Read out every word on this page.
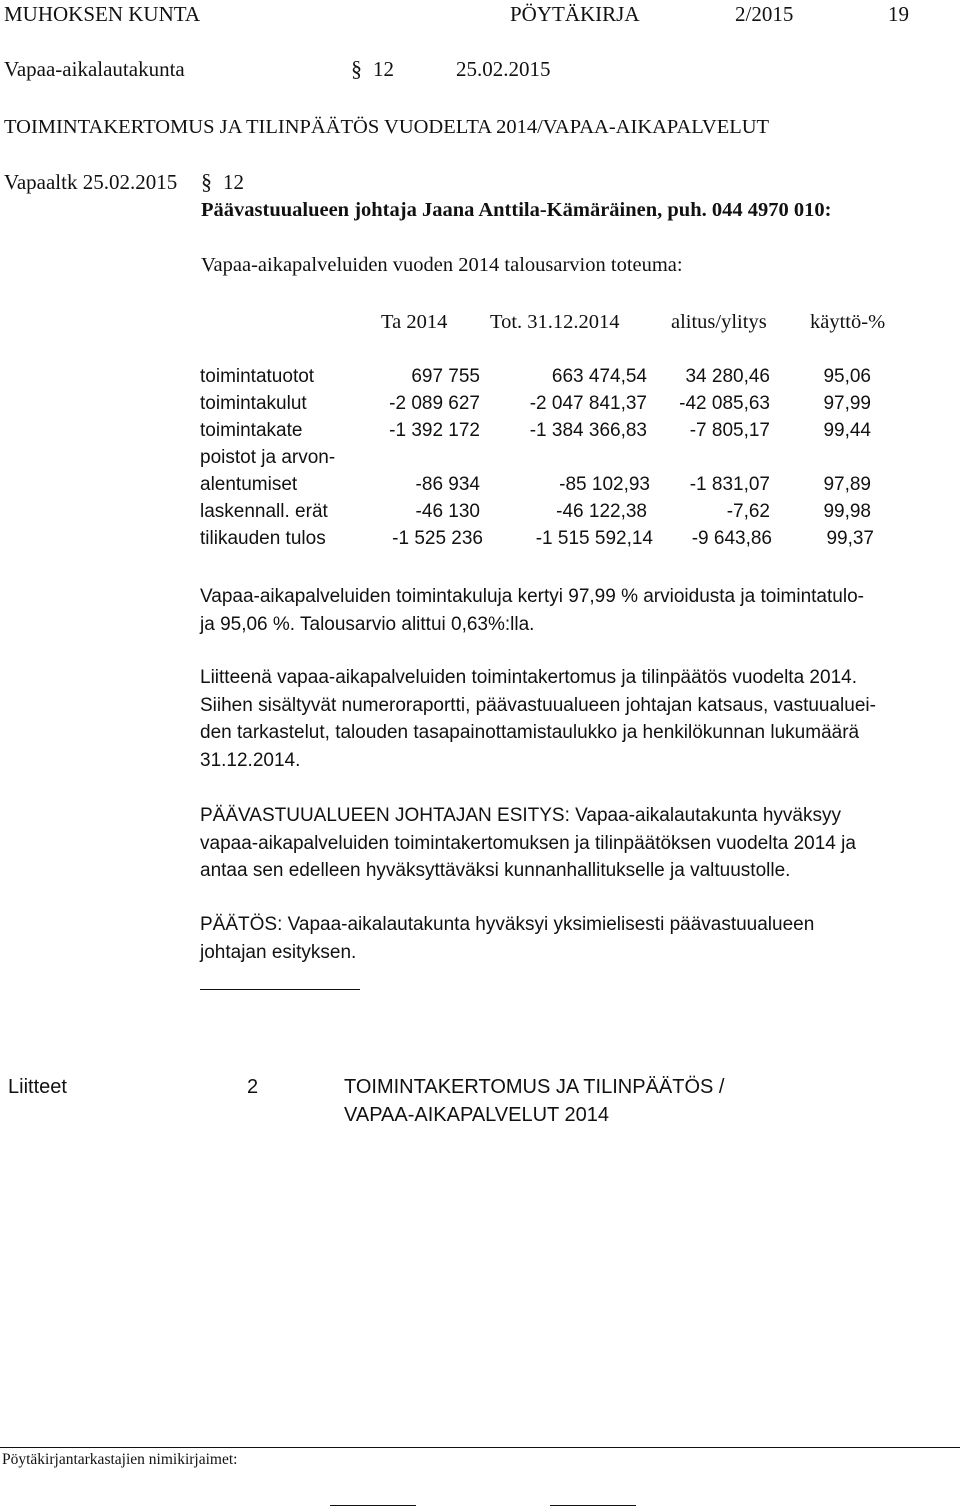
MUHOKSEN KUNTA	PÖYTÄKIRJA	2/2015	19
Vapaa-aikalautakunta	§ 12	25.02.2015
TOIMINTAKERTOMUS JA TILINPÄÄTÖS VUODELTA 2014/VAPAA-AIKAPALVELUT
Vapaaltk 25.02.2015 § 12
Päävastuualueen johtaja Jaana Anttila-Kämäräinen, puh. 044 4970 010:
Vapaa-aikapalveluiden vuoden 2014 talousarvion toteuma:
Ta 2014 Tot. 31.12.2014	alitus/ylitys käyttö-%
toimintatuotot	697 755	663 474,54	34 280,46	95,06
toimintakulut	-2 089 627	-2 047 841,37	-42 085,63	97,99
toimintakate	-1 392 172	-1 384 366,83	-7 805,17	99,44
poistot ja arvon-
alentumiset	-86 934	-85 102,93	-1 831,07	97,89
laskennall. erät	-46 130	-46 122,38	-7,62	99,98
tilikauden tulos	-1 525 236	-1 515 592,14	-9 643,86	99,37

Vapaa-aikapalveluiden toimintakuluja kertyi 97,99 % arvioidusta ja toimintatulo-

ja 95,06 %. Talousarvio alittui 0,63%:lla.

Liitteenä vapaa-aikapalveluiden toimintakertomus ja tilinpäätös vuodelta 2014.

Siihen sisältyvät numeroraportti, päävastuualueen johtajan katsaus, vastuualuei-

den tarkastelut, talouden tasapainottamistaulukko ja henkilökunnan lukumäärä

31.12.2014.

PÄÄVASTUUALUEEN JOHTAJAN ESITYS: Vapaa-aikalautakunta hyväksyy

vapaa-aikapalveluiden toimintakertomuksen ja tilinpäätöksen vuodelta 2014 ja

antaa sen edelleen hyväksyttäväksi kunnanhallitukselle ja valtuustolle.

PÄÄTÖS: Vapaa-aikalautakunta hyväksyi yksimielisesti päävastuualueen

johtajan esityksen.

Liitteet	2	TOIMINTAKERTOMUS JA TILINPÄÄTÖS /
VAPAA-AIKAPALVELUT 2014
Pöytäkirjantarkastajien nimikirjaimet:
